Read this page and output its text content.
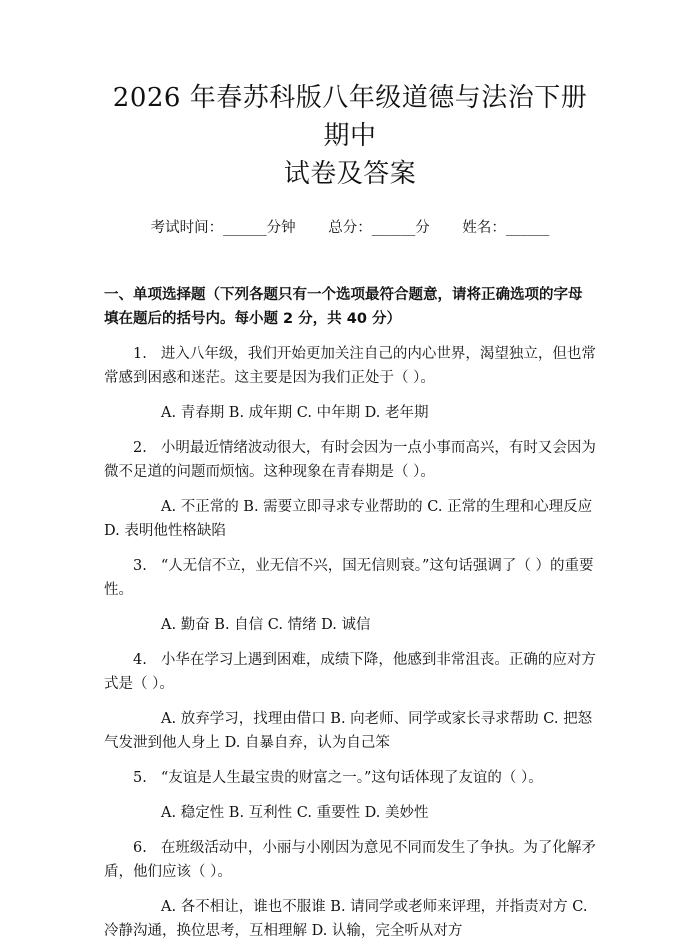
2026 年春苏科版八年级道德与法治下册期中
试卷及答案
考试时间：______分钟 总分：______分 姓名：______
一、单项选择题（下列各题只有一个选项最符合题意，请将正确选项的字母填在题后的括号内。每小题 2 分，共 40 分）
1. 进入八年级，我们开始更加关注自己的内心世界，渴望独立，但也常常感到困惑和迷茫。这主要是因为我们正处于（ ）。
A. 青春期 B. 成年期 C. 中年期 D. 老年期
2. 小明最近情绪波动很大，有时会因为一点小事而高兴，有时又会因为微不足道的问题而烦恼。这种现象在青春期是（ ）。
A. 不正常的 B. 需要立即寻求专业帮助的 C. 正常的生理和心理反应 D. 表明他性格缺陷
3. “人无信不立，业无信不兴，国无信则衰。”这句话强调了（ ）的重要性。
A. 勤奋 B. 自信 C. 情绪 D. 诚信
4. 小华在学习上遇到困难，成绩下降，他感到非常沮丧。正确的应对方式是（ ）。
A. 放弃学习，找理由借口 B. 向老师、同学或家长寻求帮助 C. 把怒气发泄到他人身上 D. 自暴自弃，认为自己笨
5. “友谊是人生最宝贵的财富之一。”这句话体现了友谊的（ ）。
A. 稳定性 B. 互利性 C. 重要性 D. 美妙性
6. 在班级活动中，小丽与小刚因为意见不同而发生了争执。为了化解矛盾，他们应该（ ）。
A. 各不相让，谁也不服谁 B. 请同学或老师来评理，并指责对方 C. 冷静沟通，换位思考，互相理解 D. 认输，完全听从对方
